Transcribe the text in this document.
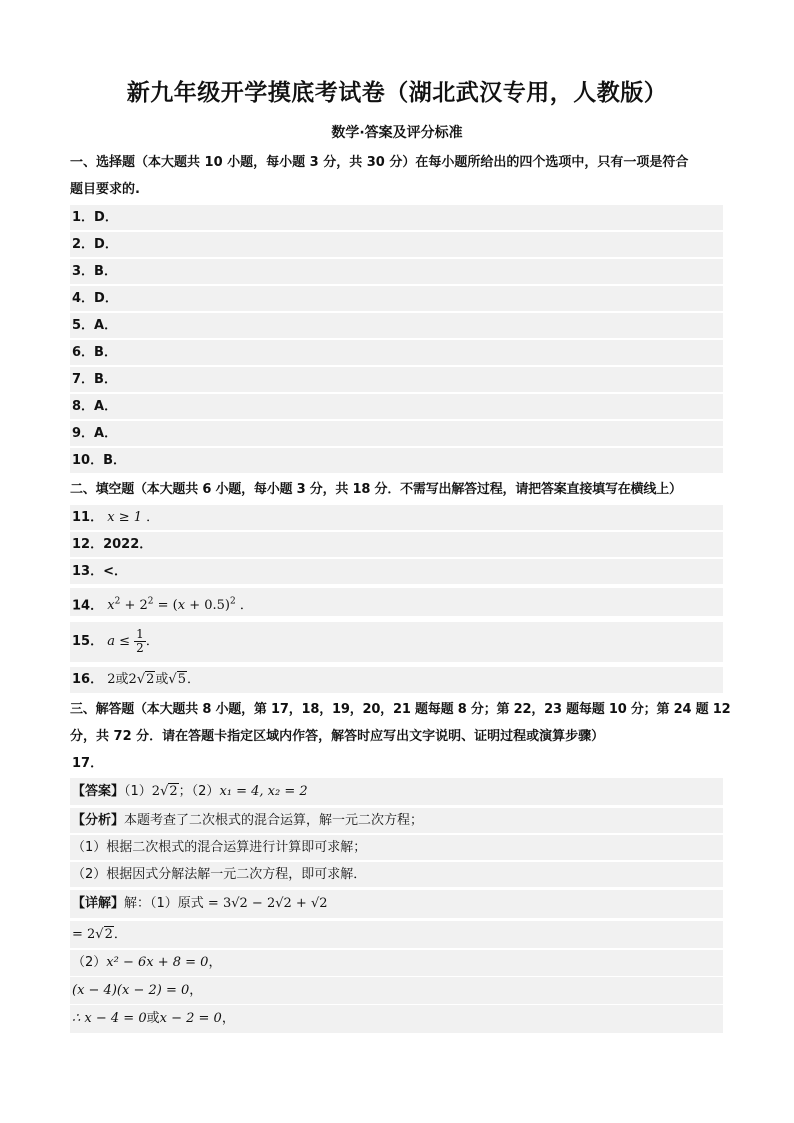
新九年级开学摸底考试卷（湖北武汉专用，人教版）
数学·答案及评分标准
一、选择题（本大题共 10 小题，每小题 3 分，共 30 分）在每小题所给出的四个选项中，只有一项是符合
题目要求的.
1．D．
2．D．
3．B．
4．D．
5．A．
6．B．
7．B．
8．A．
9．A．
10．B．
二、填空题（本大题共 6 小题，每小题 3 分，共 18 分．不需写出解答过程，请把答案直接填写在横线上）
11． x ≥ 1 ．
12．2022．
13．<．
14． $x^2 + 2^2 = (x + 0.5)^2$ ．
15． $a \le \frac{1}{2}$ ．
16． 2或2√2或√5．
三、解答题（本大题共 8 小题，第 17，18，19，20，21 题每题 8 分；第 22，23 题每题 10 分；第 24 题 12
分，共 72 分．请在答题卡指定区域内作答，解答时应写出文字说明、证明过程或演算步骤）
17．
【答案】（1）2√2；（2）x₁ = 4, x₂ = 2
【分析】本题考查了二次根式的混合运算，解一元二次方程；
（1）根据二次根式的混合运算进行计算即可求解；
（2）根据因式分解法解一元二次方程，即可求解．
【详解】解：（1）原式 = 3√2 − 2√2 + √2
= 2√2．
（2）x² − 6x + 8 = 0，
(x − 4)(x − 2) = 0，
∴ x − 4 = 0或x − 2 = 0，
